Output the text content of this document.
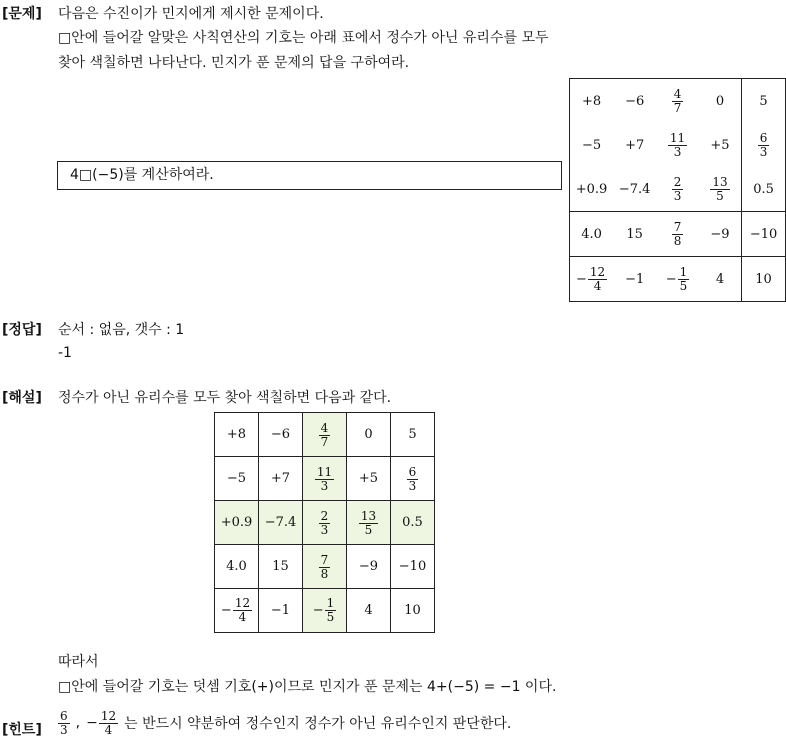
[문제] 다음은 수진이가 민지에게 제시한 문제이다.
□안에 들어갈 알맞은 사칙연산의 기호는 아래 표에서 정수가 아닌 유리수를 모두
찾아 색칠하면 나타난다. 민지가 푼 문제의 답을 구하여라.
4□(−5)를 계산하여라.
+8	−6	$\frac{4}{7}$	0	5
−5	+7	$\frac{11}{3}$	+5	$\frac{6}{3}$

+0.9	−7.4	$\frac{2}{3}$	$\frac{13}{5}$	0.5
4.0	15	$\frac{7}{8}$	−9	−10

− $\frac{12}{4}$	−1	− $\frac{1}{5}$	4	10
[정답] 순서 : 없음, 갯수 : 1
-1
[해설] 정수가 아닌 유리수를 모두 찾아 색칠하면 다음과 같다.
+8	−6	$\frac{4}{7}$	0	5
−5	+7	$\frac{11}{3}$	+5	$\frac{6}{3}$

+0.9	−7.4	$\frac{2}{3}$	$\frac{13}{5}$	0.5
4.0	15	$\frac{7}{8}$	−9	−10

− $\frac{12}{4}$	−1	− $\frac{1}{5}$	4	10
따라서
□안에 들어갈 기호는 덧셈 기호(+)이므로 민지가 푼 문제는 4+(−5) = −1 이다.
[힌트] $\frac{6}{3}$ , − $\frac{12}{4}$ 는 반드시 약분하여 정수인지 정수가 아닌 유리수인지 판단한다.
